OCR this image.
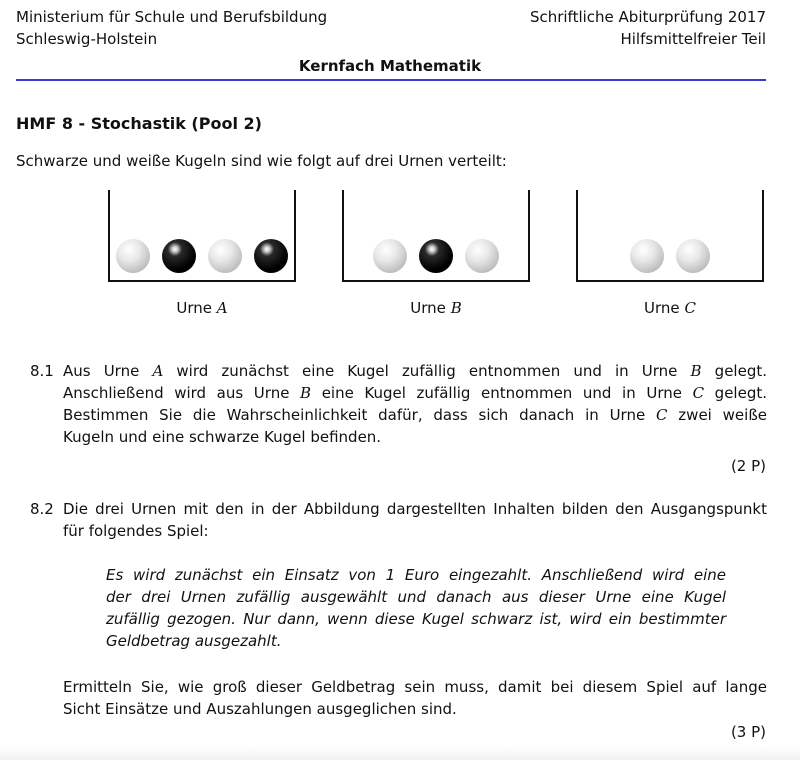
Ministerium für Schule und Berufsbildung
Schleswig-Holstein
Schriftliche Abiturprüfung 2017
Hilfsmittelfreier Teil
Kernfach Mathematik
HMF 8 - Stochastik (Pool 2)
Schwarze und weiße Kugeln sind wie folgt auf drei Urnen verteilt:
Urne A	Urne B	Urne C
8.1 Aus Urne A wird zunächst eine Kugel zufällig entnommen und in Urne B gelegt.
Anschließend wird aus Urne B eine Kugel zufällig entnommen und in Urne C gelegt.
Bestimmen Sie die Wahrscheinlichkeit dafür, dass sich danach in Urne C zwei weiße
Kugeln und eine schwarze Kugel befinden.
(2 P)
8.2 Die drei Urnen mit den in der Abbildung dargestellten Inhalten bilden den Ausgangspunkt
für folgendes Spiel:
Es wird zunächst ein Einsatz von 1 Euro eingezahlt. Anschließend wird eine
der drei Urnen zufällig ausgewählt und danach aus dieser Urne eine Kugel
zufällig gezogen. Nur dann, wenn diese Kugel schwarz ist, wird ein bestimmter
Geldbetrag ausgezahlt.
Ermitteln Sie, wie groß dieser Geldbetrag sein muss, damit bei diesem Spiel auf lange
Sicht Einsätze und Auszahlungen ausgeglichen sind.
(3 P)
